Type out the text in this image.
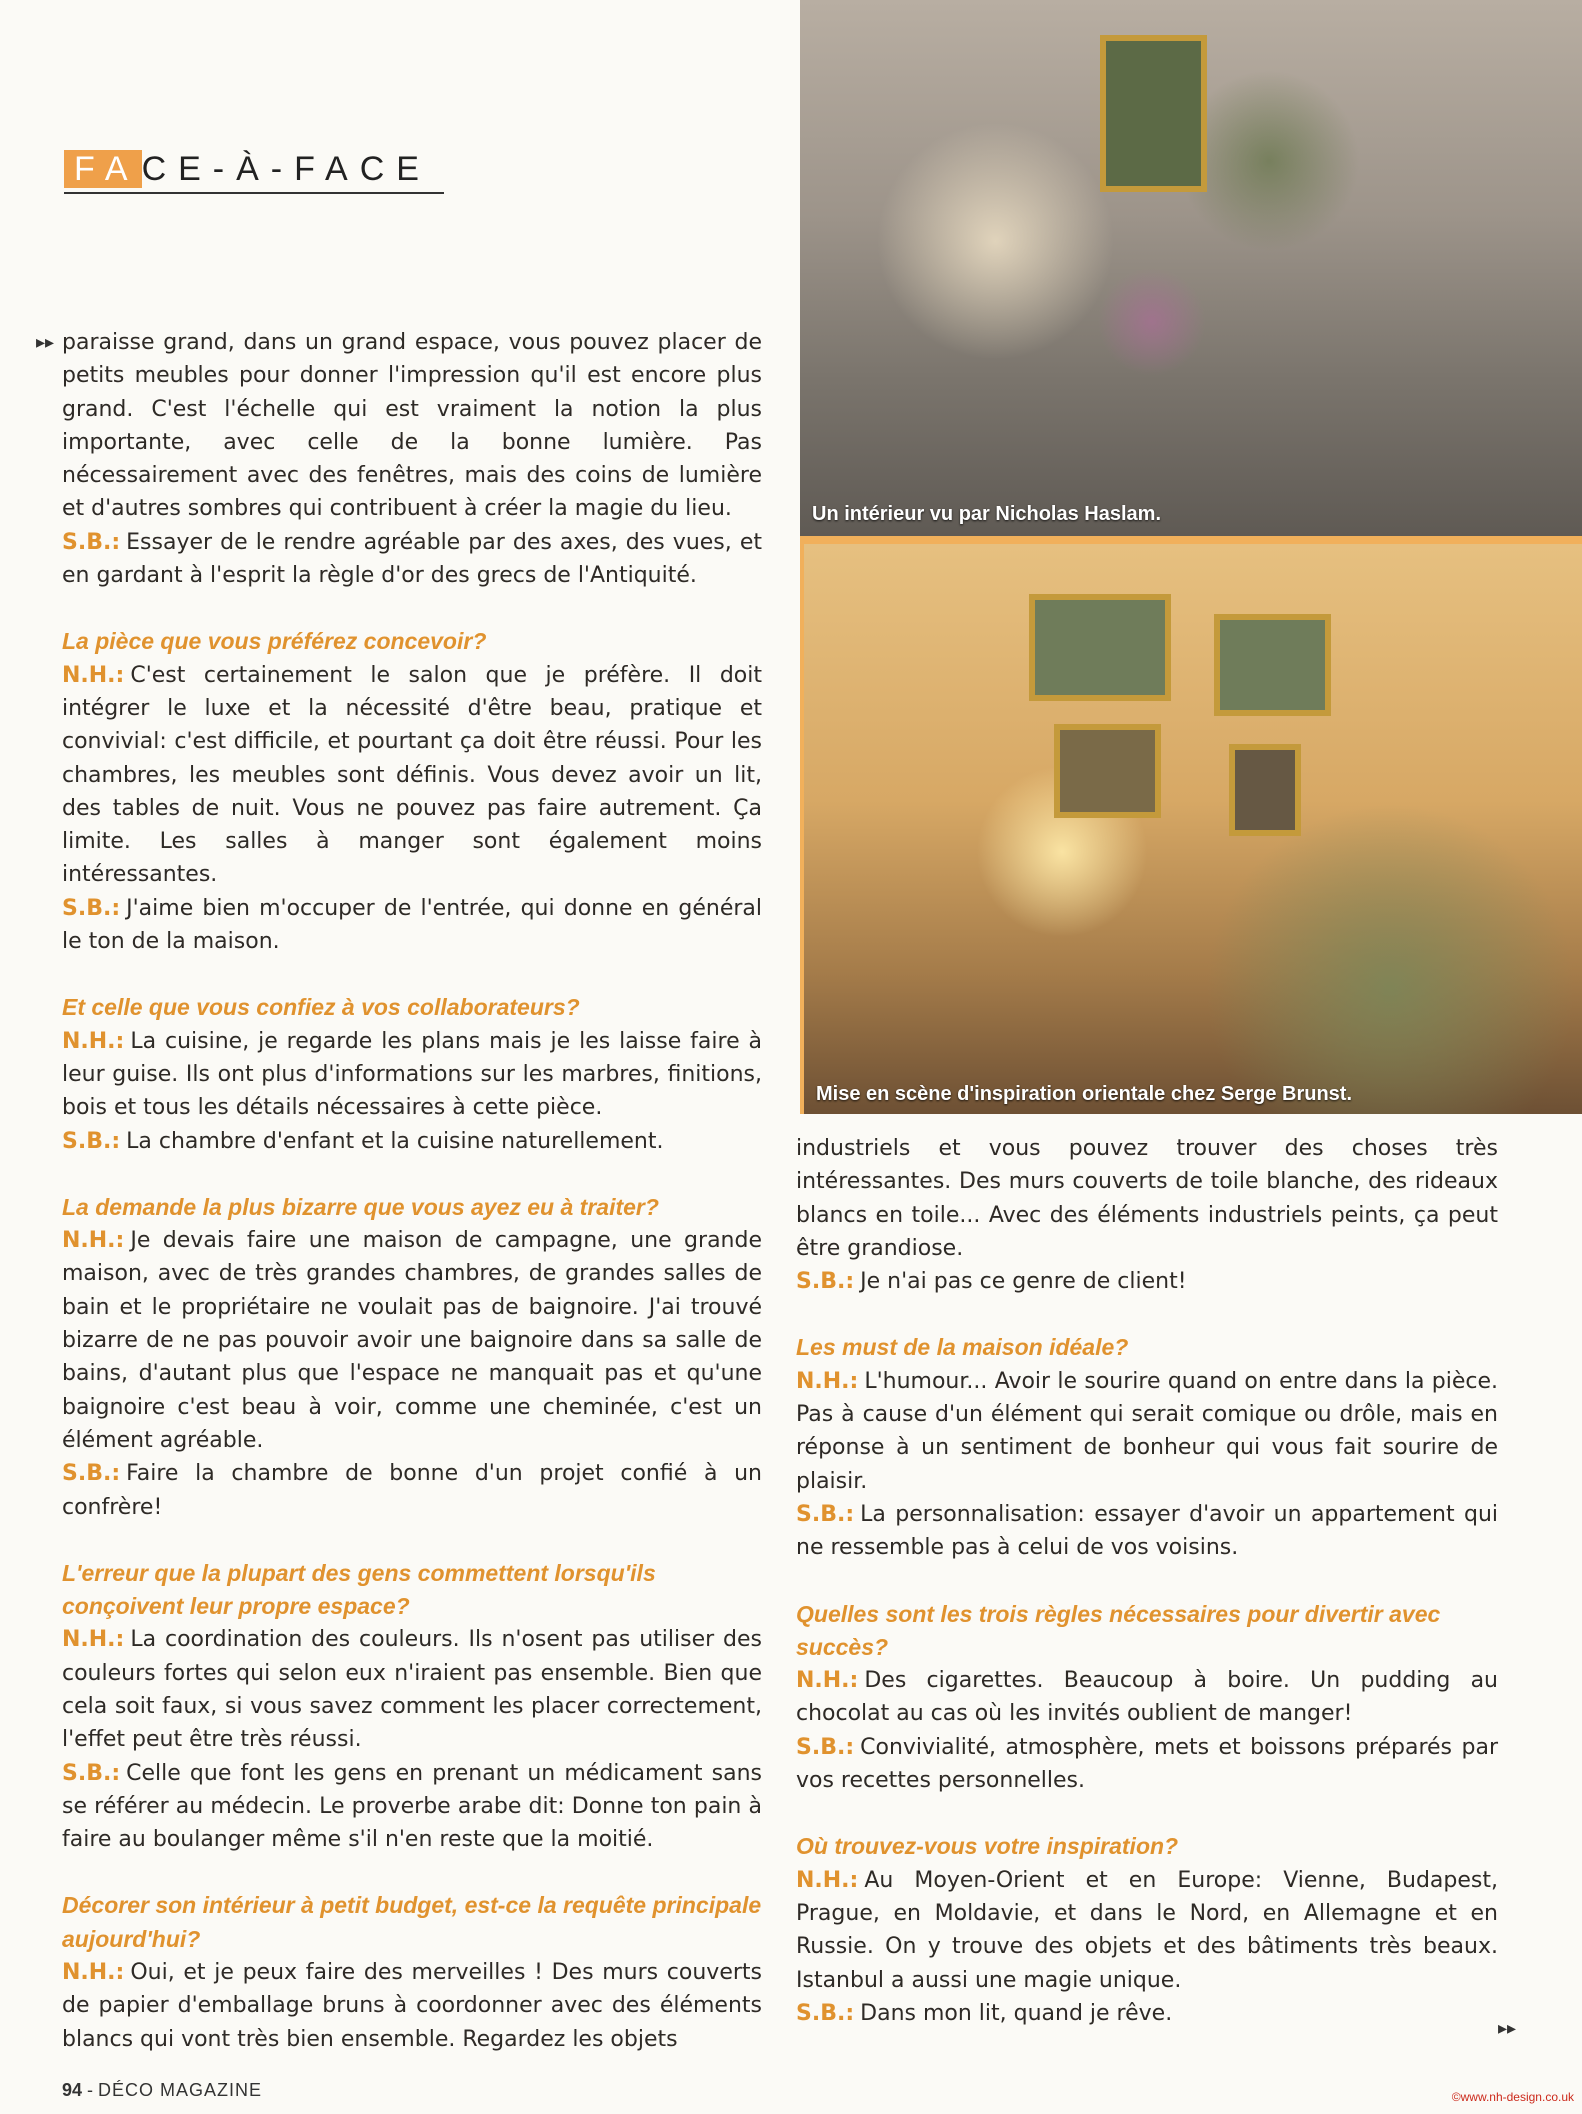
FACE-À-FACE
Un intérieur vu par Nicholas Haslam.
Mise en scène d'inspiration orientale chez Serge Brunst.
▸▸ paraisse grand, dans un grand espace, vous pouvez placer de petits meubles pour donner l'impression qu'il est encore plus grand. C'est l'échelle qui est vraiment la notion la plus importante, avec celle de la bonne lumière. Pas nécessairement avec des fenêtres, mais des coins de lumière et d'autres sombres qui contribuent à créer la magie du lieu.

S.B.: Essayer de le rendre agréable par des axes, des vues, et en gardant à l'esprit la règle d'or des grecs de l'Antiquité.

La pièce que vous préférez concevoir?

N.H.: C'est certainement le salon que je préfère. Il doit intégrer le luxe et la nécessité d'être beau, pratique et convivial: c'est difficile, et pourtant ça doit être réussi. Pour les chambres, les meubles sont définis. Vous devez avoir un lit, des tables de nuit. Vous ne pouvez pas faire autrement. Ça limite. Les salles à manger sont également moins intéressantes.

S.B.: J'aime bien m'occuper de l'entrée, qui donne en général le ton de la maison.

Et celle que vous confiez à vos collaborateurs?

N.H.: La cuisine, je regarde les plans mais je les laisse faire à leur guise. Ils ont plus d'informations sur les marbres, finitions, bois et tous les détails nécessaires à cette pièce.

S.B.: La chambre d'enfant et la cuisine naturellement.

La demande la plus bizarre que vous ayez eu à traiter?

N.H.: Je devais faire une maison de campagne, une grande maison, avec de très grandes chambres, de grandes salles de bain et le propriétaire ne voulait pas de baignoire. J'ai trouvé bizarre de ne pas pouvoir avoir une baignoire dans sa salle de bains, d'autant plus que l'espace ne manquait pas et qu'une baignoire c'est beau à voir, comme une cheminée, c'est un élément agréable.

S.B.: Faire la chambre de bonne d'un projet confié à un confrère!

L'erreur que la plupart des gens commettent lorsqu'ils conçoivent leur propre espace?

N.H.: La coordination des couleurs. Ils n'osent pas utiliser des couleurs fortes qui selon eux n'iraient pas ensemble. Bien que cela soit faux, si vous savez comment les placer correctement, l'effet peut être très réussi.

S.B.: Celle que font les gens en prenant un médicament sans se référer au médecin. Le proverbe arabe dit: Donne ton pain à faire au boulanger même s'il n'en reste que la moitié.

Décorer son intérieur à petit budget, est-ce la requête principale aujourd'hui?

N.H.: Oui, et je peux faire des merveilles ! Des murs couverts de papier d'emballage bruns à coordonner avec des éléments blancs qui vont très bien ensemble. Regardez les objets

industriels et vous pouvez trouver des choses très intéressantes. Des murs couverts de toile blanche, des rideaux blancs en toile... Avec des éléments industriels peints, ça peut être grandiose.

S.B.: Je n'ai pas ce genre de client!

Les must de la maison idéale?

N.H.: L'humour... Avoir le sourire quand on entre dans la pièce. Pas à cause d'un élément qui serait comique ou drôle, mais en réponse à un sentiment de bonheur qui vous fait sourire de plaisir.

S.B.: La personnalisation: essayer d'avoir un appartement qui ne ressemble pas à celui de vos voisins.

Quelles sont les trois règles nécessaires pour divertir avec succès?

N.H.: Des cigarettes. Beaucoup à boire. Un pudding au chocolat au cas où les invités oublient de manger!

S.B.: Convivialité, atmosphère, mets et boissons préparés par vos recettes personnelles.

Où trouvez-vous votre inspiration?

N.H.: Au Moyen-Orient et en Europe: Vienne, Budapest, Prague, en Moldavie, et dans le Nord, en Allemagne et en Russie. On y trouve des objets et des bâtiments très beaux. Istanbul a aussi une magie unique.

S.B.: Dans mon lit, quand je rêve.

▸▸
94 - DÉCO MAGAZINE	©www.nh-design.co.uk
